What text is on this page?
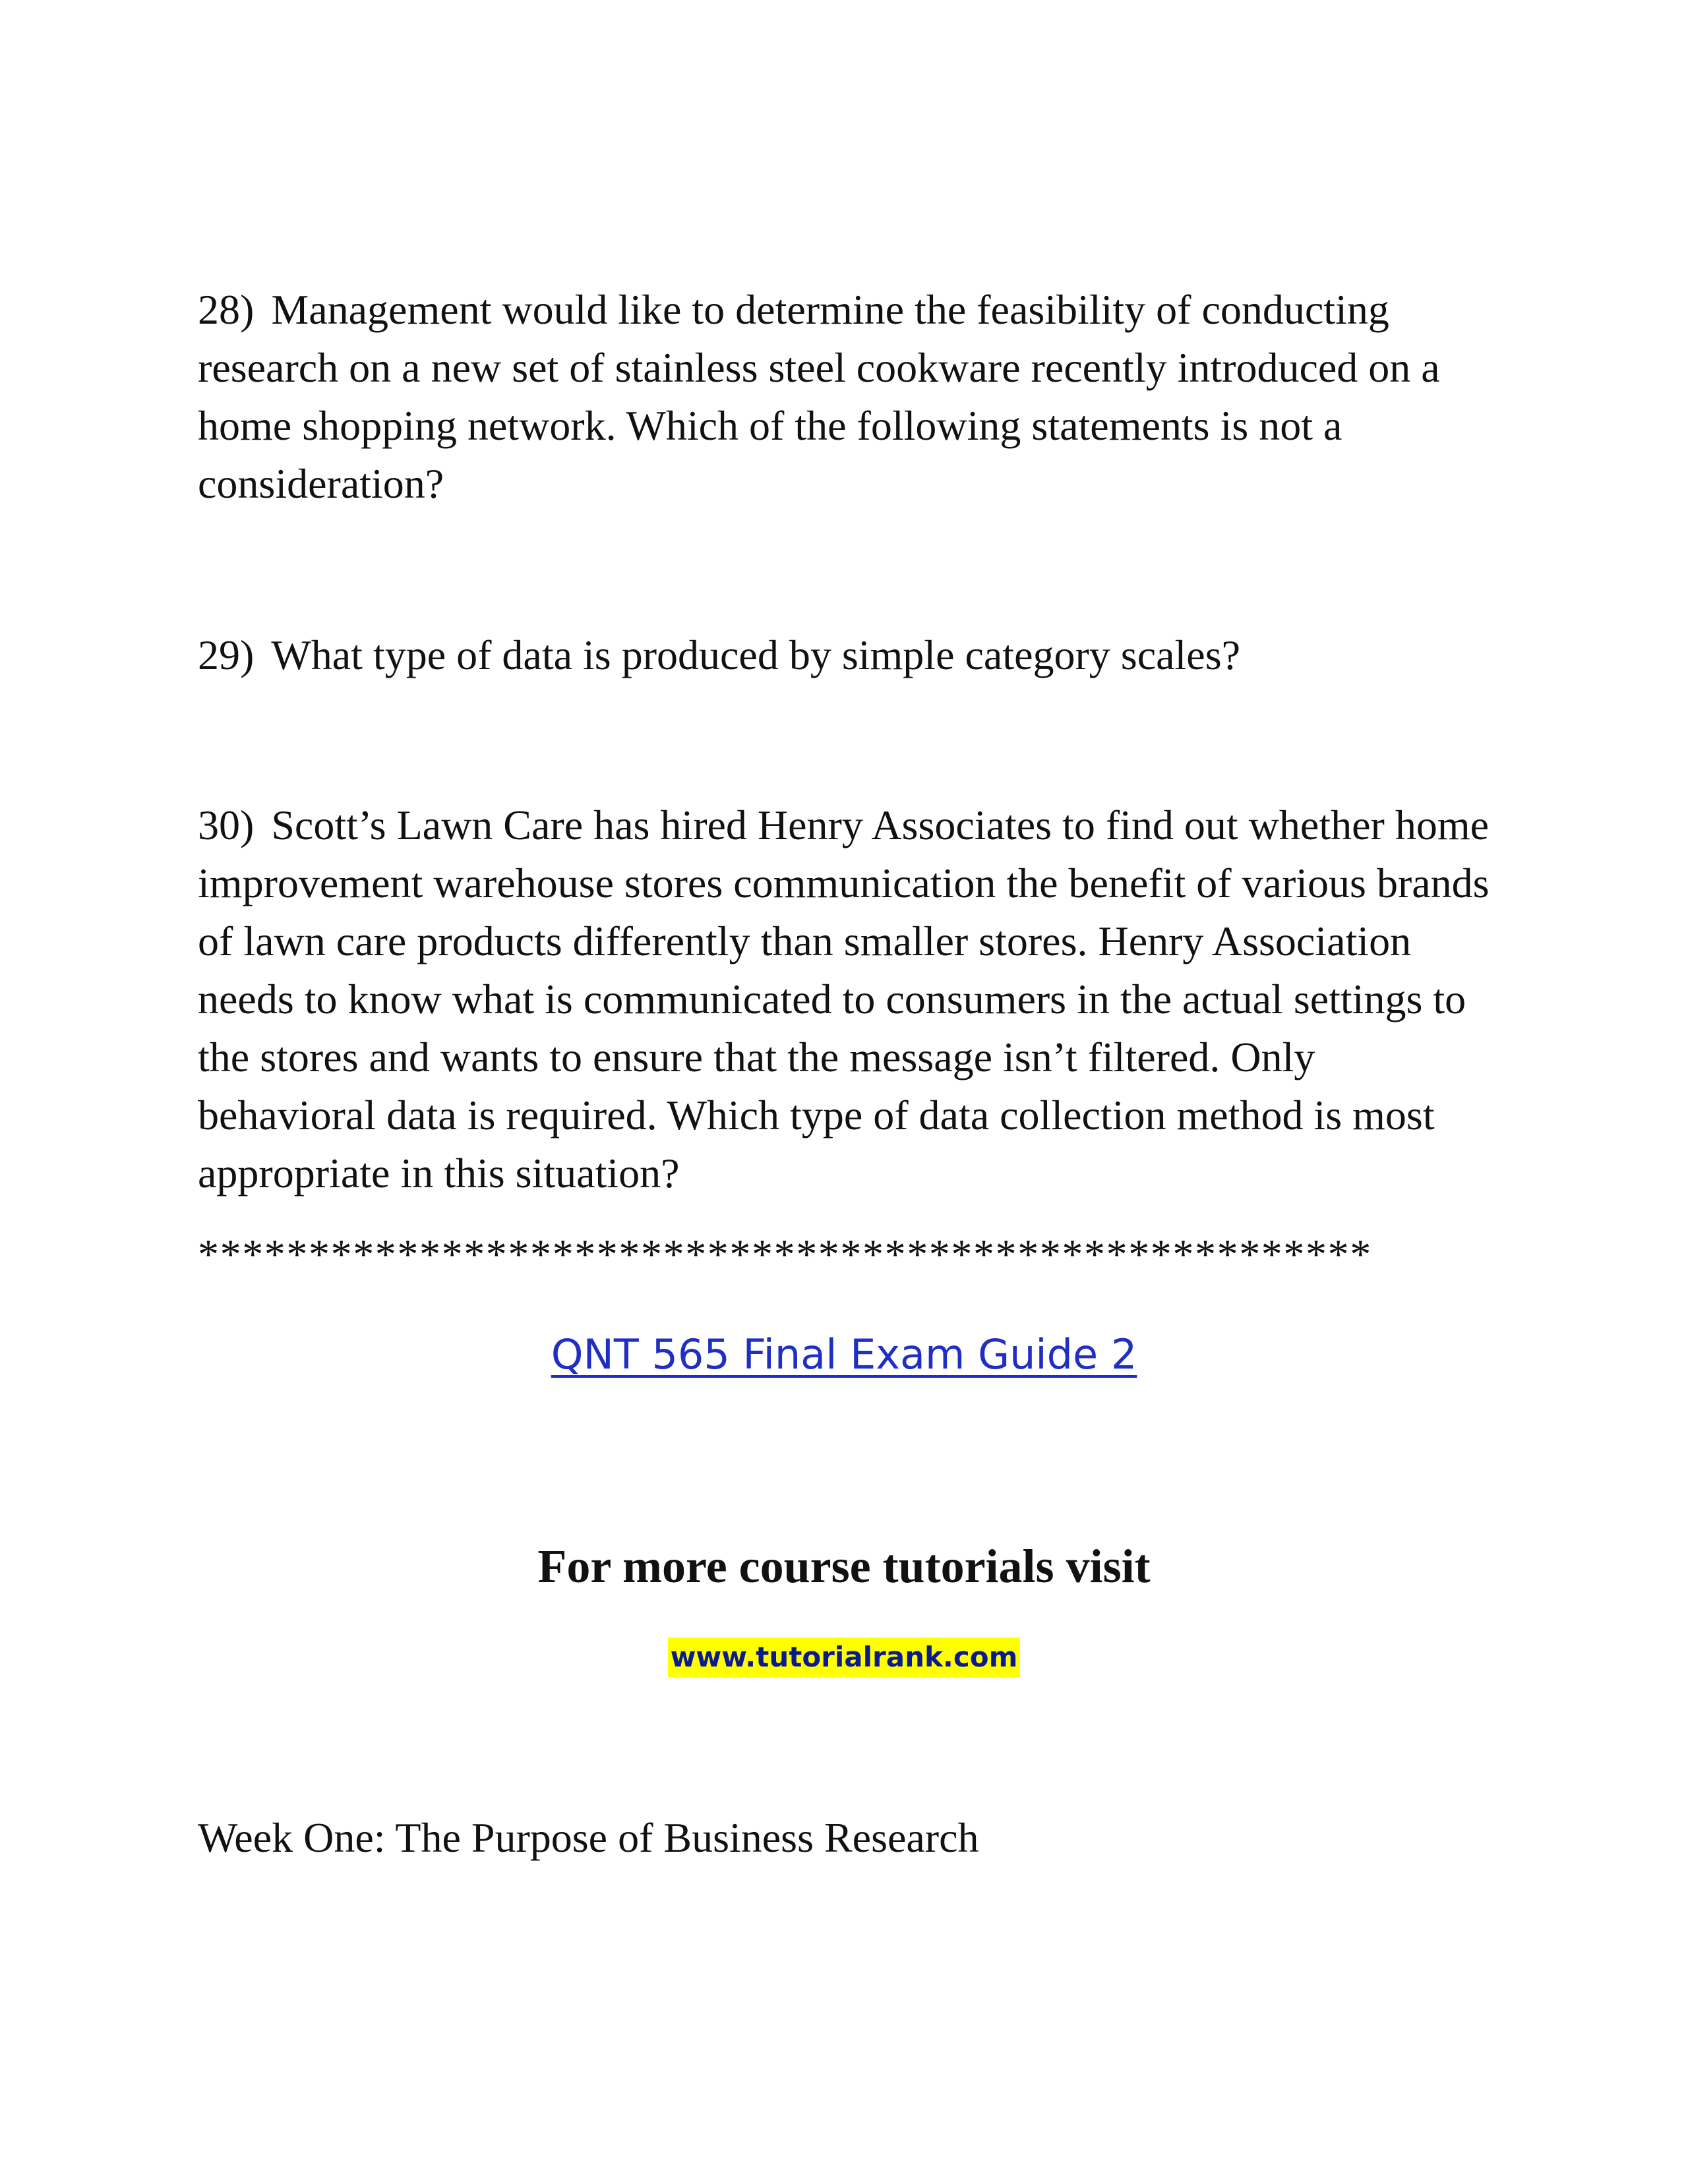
28) Management would like to determine the feasibility of conducting research on a new set of stainless steel cookware recently introduced on a home shopping network. Which of the following statements is not a consideration?

29) What type of data is produced by simple category scales?

30) Scott’s Lawn Care has hired Henry Associates to find out whether home improvement warehouse stores communication the benefit of various brands of lawn care products differently than smaller stores. Henry Association needs to know what is communicated to consumers in the actual settings to the stores and wants to ensure that the message isn’t filtered. Only behavioral data is required. Which type of data collection method is most appropriate in this situation?

*****************************************************

QNT 565 Final Exam Guide 2

For more course tutorials visit

www.tutorialrank.com

Week One: The Purpose of Business Research
